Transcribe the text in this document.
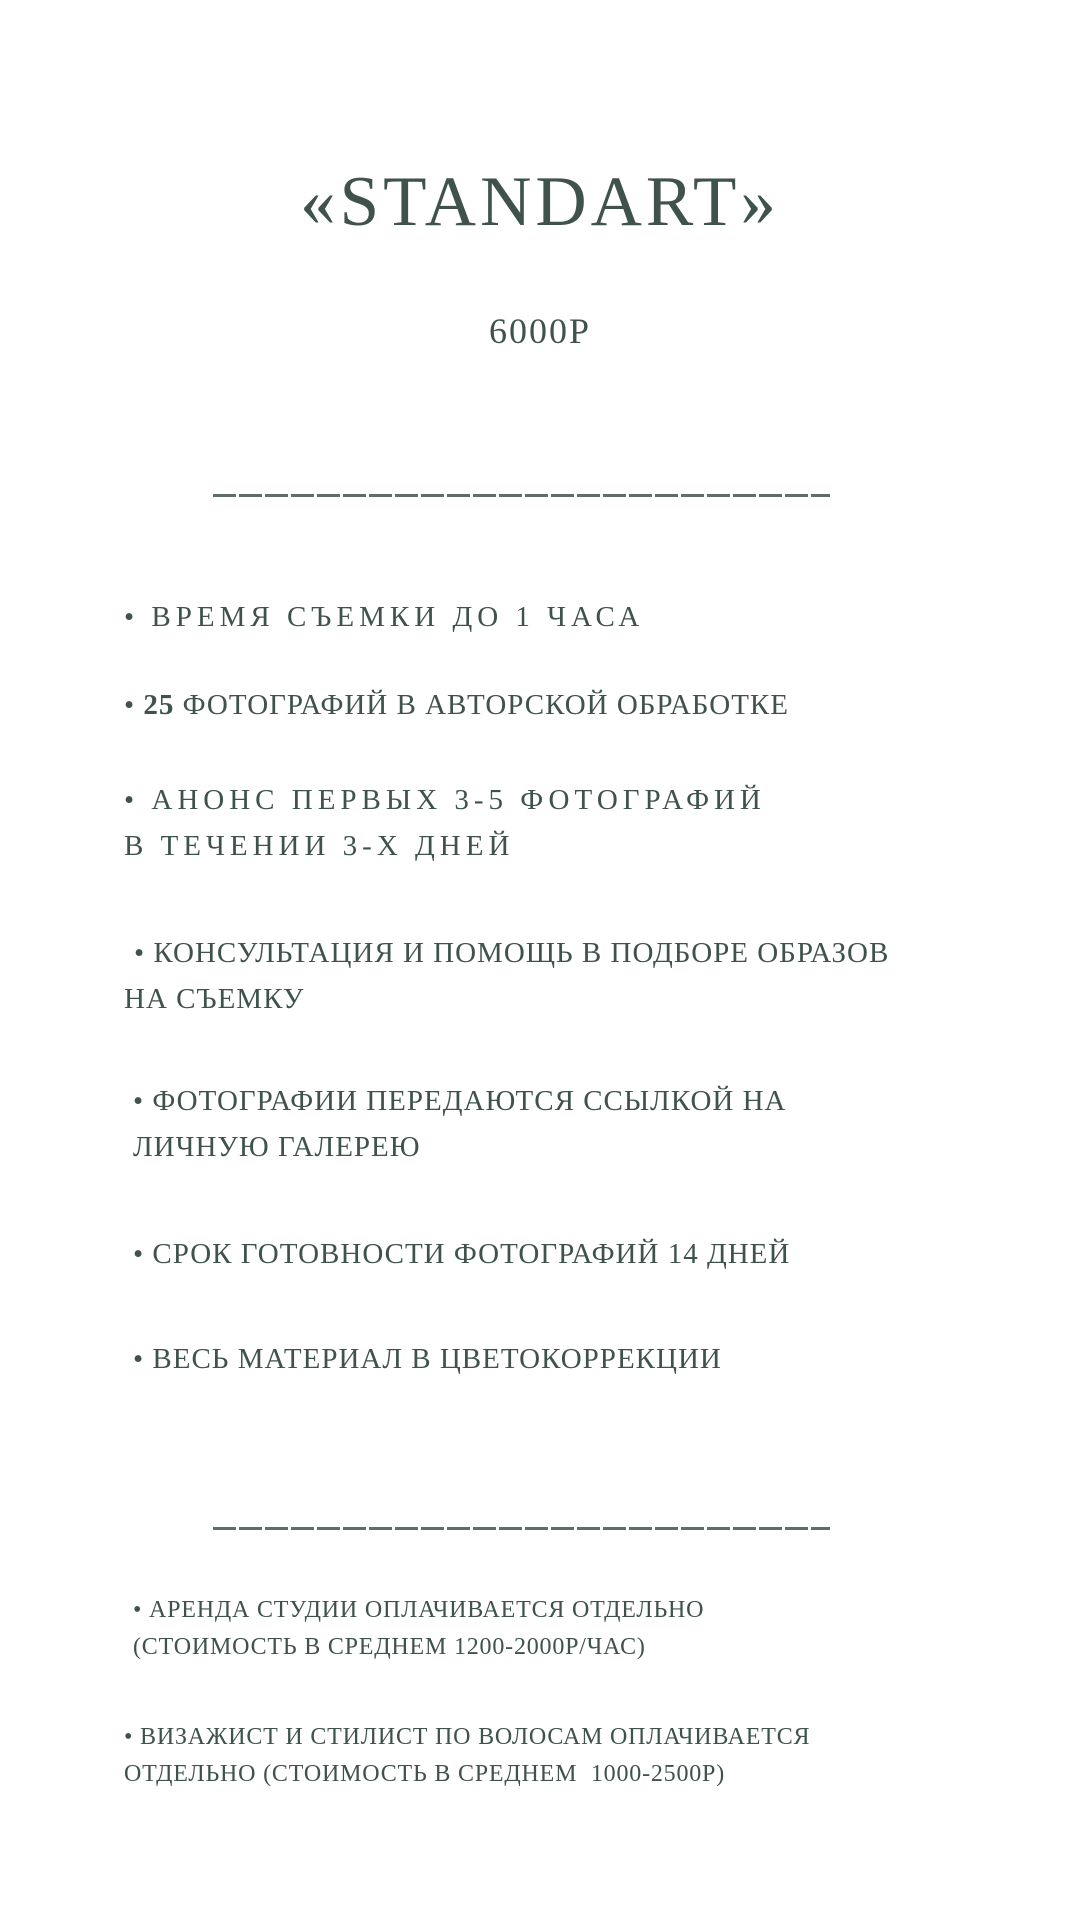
«STANDART»
6000Р
• ВРЕМЯ СЪЕМКИ ДО 1 ЧАСА
• 25 ФОТОГРАФИЙ В АВТОРСКОЙ ОБРАБОТКЕ
• АНОНС ПЕРВЫХ 3-5 ФОТОГРАФИЙ
В ТЕЧЕНИИ 3-Х ДНЕЙ
• КОНСУЛЬТАЦИЯ И ПОМОЩЬ В ПОДБОРЕ ОБРАЗОВ
НА СЪЕМКУ
• ФОТОГРАФИИ ПЕРЕДАЮТСЯ ССЫЛКОЙ НА
ЛИЧНУЮ ГАЛЕРЕЮ
• СРОК ГОТОВНОСТИ ФОТОГРАФИЙ 14 ДНЕЙ
• ВЕСЬ МАТЕРИАЛ В ЦВЕТОКОРРЕКЦИИ
• АРЕНДА СТУДИИ ОПЛАЧИВАЕТСЯ ОТДЕЛЬНО
(СТОИМОСТЬ В СРЕДНЕМ 1200-2000Р/ЧАС)
• ВИЗАЖИСТ И СТИЛИСТ ПО ВОЛОСАМ ОПЛАЧИВАЕТСЯ
ОТДЕЛЬНО (СТОИМОСТЬ В СРЕДНЕМ  1000-2500Р)
